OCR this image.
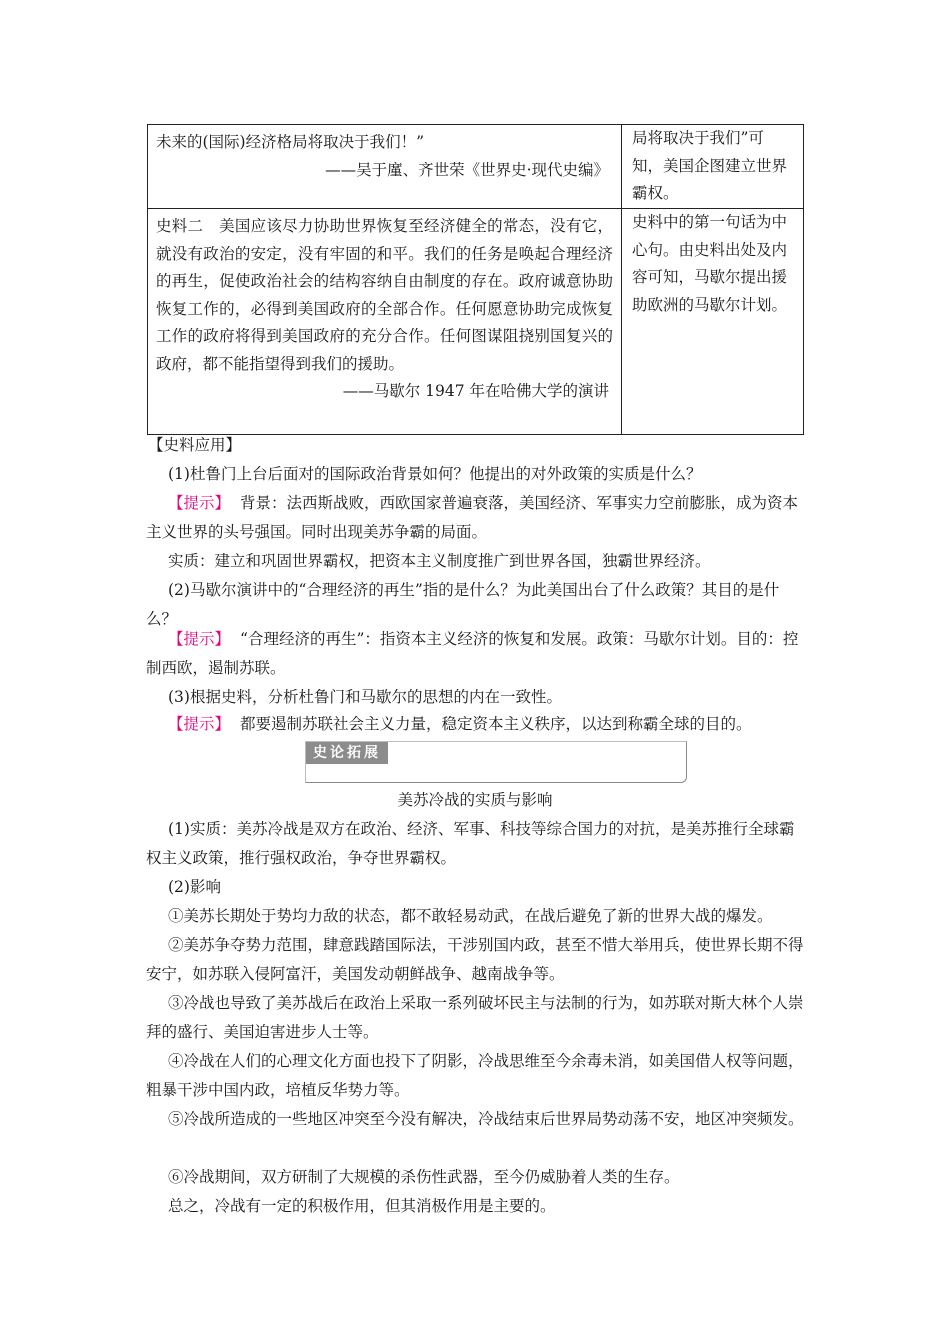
未来的(国际)经济格局将取决于我们！”
——吴于廑、齐世荣《世界史·现代史编》	局将取决于我们”可知，美国企图建立世界霸权。

史料二　美国应该尽力协助世界恢复至经济健全的常态，没有它，就没有政治的安定，没有牢固的和平。我们的任务是唤起合理经济的再生，促使政治社会的结构容纳自由制度的存在。政府诚意协助恢复工作的，必得到美国政府的全部合作。任何愿意协助完成恢复工作的政府将得到美国政府的充分合作。任何图谋阻挠别国复兴的政府，都不能指望得到我们的援助。
——马歇尔 1947 年在哈佛大学的演讲	史料中的第一句话为中心句。由史料出处及内容可知，马歇尔提出援助欧洲的马歇尔计划。
【史料应用】
(1)杜鲁门上台后面对的国际政治背景如何？他提出的对外政策的实质是什么？
【提示】 背景：法西斯战败，西欧国家普遍衰落，美国经济、军事实力空前膨胀，成为资本主义世界的头号强国。同时出现美苏争霸的局面。
实质：建立和巩固世界霸权，把资本主义制度推广到世界各国，独霸世界经济。
(2)马歇尔演讲中的“合理经济的再生”指的是什么？为此美国出台了什么政策？其目的是什么？
【提示】 “合理经济的再生”：指资本主义经济的恢复和发展。政策：马歇尔计划。目的：控制西欧，遏制苏联。
(3)根据史料，分析杜鲁门和马歇尔的思想的内在一致性。
【提示】 都要遏制苏联社会主义力量，稳定资本主义秩序，以达到称霸全球的目的。
史论拓展
美苏冷战的实质与影响
(1)实质：美苏冷战是双方在政治、经济、军事、科技等综合国力的对抗，是美苏推行全球霸权主义政策，推行强权政治，争夺世界霸权。
(2)影响
①美苏长期处于势均力敌的状态，都不敢轻易动武，在战后避免了新的世界大战的爆发。
②美苏争夺势力范围，肆意践踏国际法，干涉别国内政，甚至不惜大举用兵，使世界长期不得安宁，如苏联入侵阿富汗，美国发动朝鲜战争、越南战争等。
③冷战也导致了美苏战后在政治上采取一系列破坏民主与法制的行为，如苏联对斯大林个人崇拜的盛行、美国迫害进步人士等。
④冷战在人们的心理文化方面也投下了阴影，冷战思维至今余毒未消，如美国借人权等问题，粗暴干涉中国内政，培植反华势力等。
⑤冷战所造成的一些地区冲突至今没有解决，冷战结束后世界局势动荡不安，地区冲突频发。
⑥冷战期间，双方研制了大规模的杀伤性武器，至今仍威胁着人类的生存。
总之，冷战有一定的积极作用，但其消极作用是主要的。
